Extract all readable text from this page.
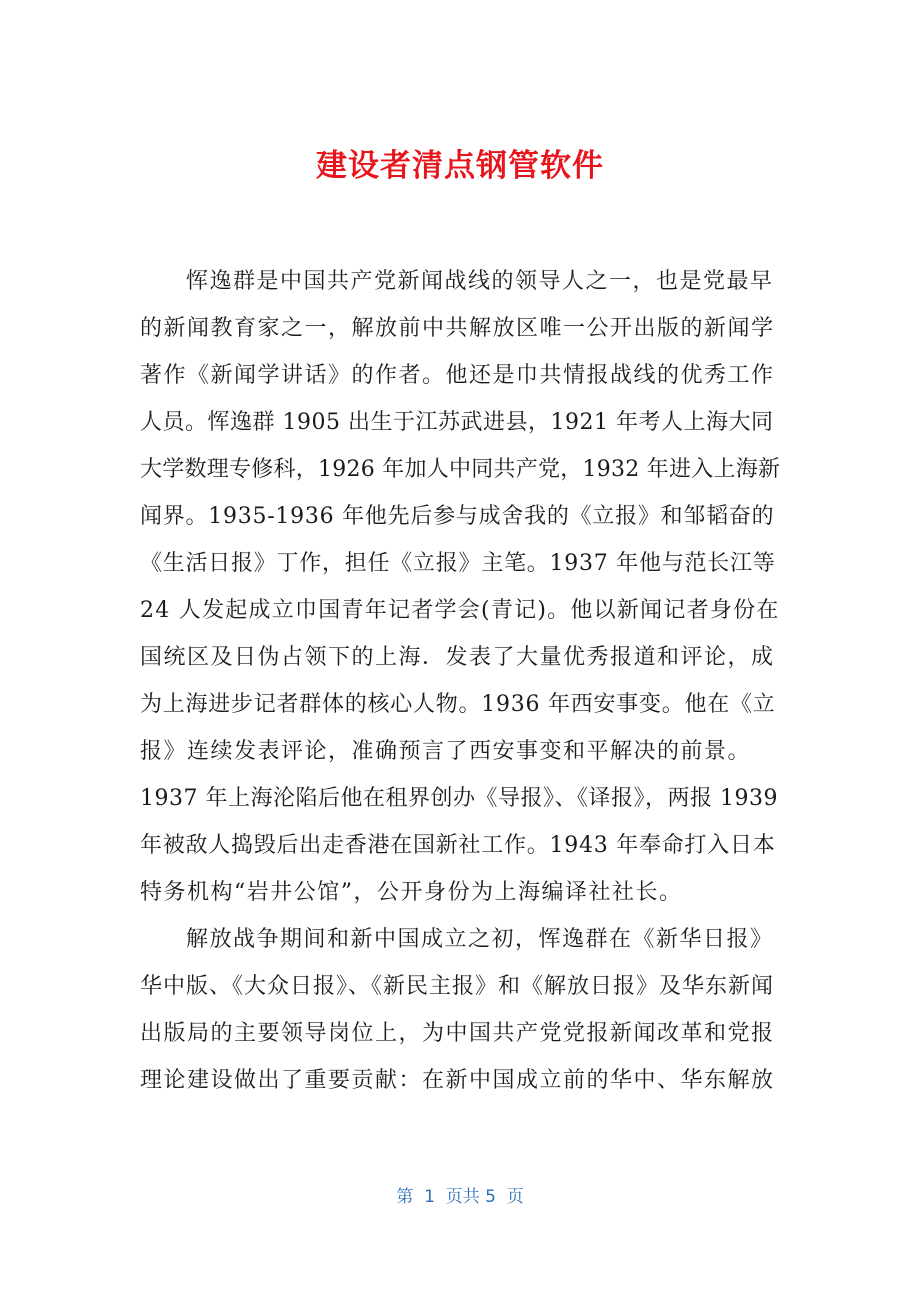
建设者清点钢管软件
恽逸群是中国共产党新闻战线的领导人之一，也是党最早
的新闻教育家之一，解放前中共解放区唯一公开出版的新闻学
著作《新闻学讲话》的作者。他还是巾共情报战线的优秀工作
人员。恽逸群 1905 出生于江苏武进县，1921 年考人上海大同
大学数理专修科，1926 年加人中同共产党，1932 年进入上海新
闻界。1935-1936 年他先后参与成舍我的《立报》和邹韬奋的
《生活日报》丁作，担任《立报》主笔。1937 年他与范长江等
24 人发起成立巾国青年记者学会(青记)。他以新闻记者身份在
国统区及日伪占领下的上海．发表了大量优秀报道和评论，成
为上海进步记者群体的核心人物。1936 年西安事变。他在《立
报》连续发表评论，准确预言了西安事变和平解决的前景。
1937 年上海沦陷后他在租界创办《导报》、《译报》，两报 1939
年被敌人捣毁后出走香港在国新社工作。1943 年奉命打入日本
特务机构“岩井公馆”，公开身份为上海编译社社长。
解放战争期间和新中国成立之初，恽逸群在《新华日报》
华中版、《大众日报》、《新民主报》和《解放日报》及华东新闻
出版局的主要领导岗位上，为中国共产党党报新闻改革和党报
理论建设做出了重要贡献：在新中国成立前的华中、华东解放
第  1  页共 5  页
